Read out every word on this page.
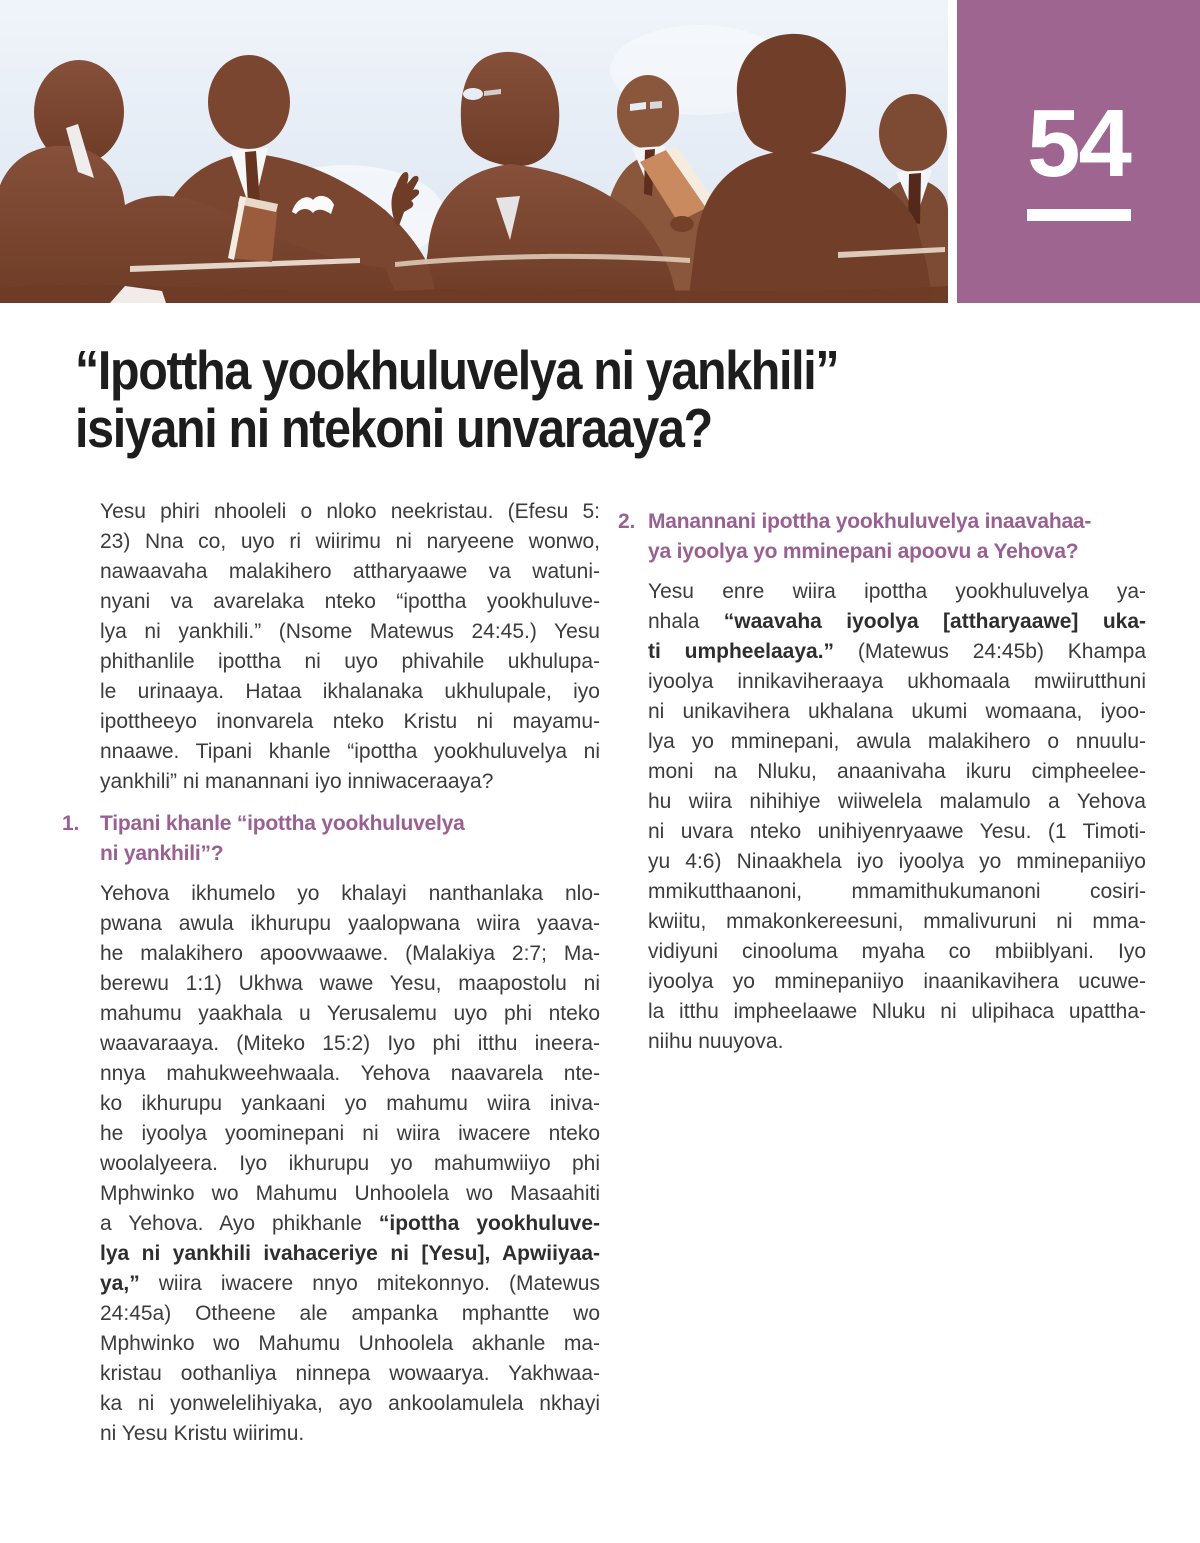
54
“Ipottha yookhuluvelya ni yankhili”
isiyani ni ntekoni unvaraaya?
Yesu phiri nhooleli o nloko neekristau. (Efesu 5:
23) Nna co, uyo ri wiirimu ni naryeene wonwo,
nawaavaha malakihero attharyaawe va watuni-
nyani va avarelaka nteko “ipottha yookhuluve-
lya ni yankhili.” (Nsome Matewus 24:45.) Yesu
phithanlile ipottha ni uyo phivahile ukhulupa-
le urinaaya. Hataa ikhalanaka ukhulupale, iyo
ipottheeyo inonvarela nteko Kristu ni mayamu-
nnaawe. Tipani khanle “ipottha yookhuluvelya ni
yankhili” ni manannani iyo inniwaceraaya?
1. Tipani khanle “ipottha yookhuluvelya
ni yankhili”?
Yehova ikhumelo yo khalayi nanthanlaka nlo-
pwana awula ikhurupu yaalopwana wiira yaava-
he malakihero apoovwaawe. (Malakiya 2:7; Ma-
berewu 1:1) Ukhwa wawe Yesu, maapostolu ni
mahumu yaakhala u Yerusalemu uyo phi nteko
waavaraaya. (Miteko 15:2) Iyo phi itthu ineera-
nnya mahukweehwaala. Yehova naavarela nte-
ko ikhurupu yankaani yo mahumu wiira iniva-
he iyoolya yoominepani ni wiira iwacere nteko
woolalyeera. Iyo ikhurupu yo mahumwiiyo phi
Mphwinko wo Mahumu Unhoolela wo Masaahiti
a Yehova. Ayo phikhanle “ipottha yookhuluve-
lya ni yankhili ivahaceriye ni [Yesu], Apwiiyaa-
ya,” wiira iwacere nnyo mitekonnyo. (Matewus
24:45a) Otheene ale ampanka mphantte wo
Mphwinko wo Mahumu Unhoolela akhanle ma-
kristau oothanliya ninnepa wowaarya. Yakhwaa-
ka ni yonwelelihiyaka, ayo ankoolamulela nkhayi
ni Yesu Kristu wiirimu.
2. Manannani ipottha yookhuluvelya inaavahaa-
ya iyoolya yo mminepani apoovu a Yehova?
Yesu enre wiira ipottha yookhuluvelya ya-
nhala “waavaha iyoolya [attharyaawe] uka-
ti umpheelaaya.” (Matewus 24:45b) Khampa
iyoolya innikaviheraaya ukhomaala mwiirutthuni
ni unikavihera ukhalana ukumi womaana, iyoo-
lya yo mminepani, awula malakihero o nnuulu-
moni na Nluku, anaanivaha ikuru cimpheelee-
hu wiira nihihiye wiiwelela malamulo a Yehova
ni uvara nteko unihiyenryaawe Yesu. (1 Timoti-
yu 4:6) Ninaakhela iyo iyoolya yo mminepaniiyo
mmikutthaanoni, mmamithukumanoni cosiri-
kwiitu, mmakonkereesuni, mmalivuruni ni mma-
vidiyuni cinooluma myaha co mbiiblyani. Iyo
iyoolya yo mminepaniiyo inaanikavihera ucuwe-
la itthu impheelaawe Nluku ni ulipihaca upattha-
niihu nuuyova.
